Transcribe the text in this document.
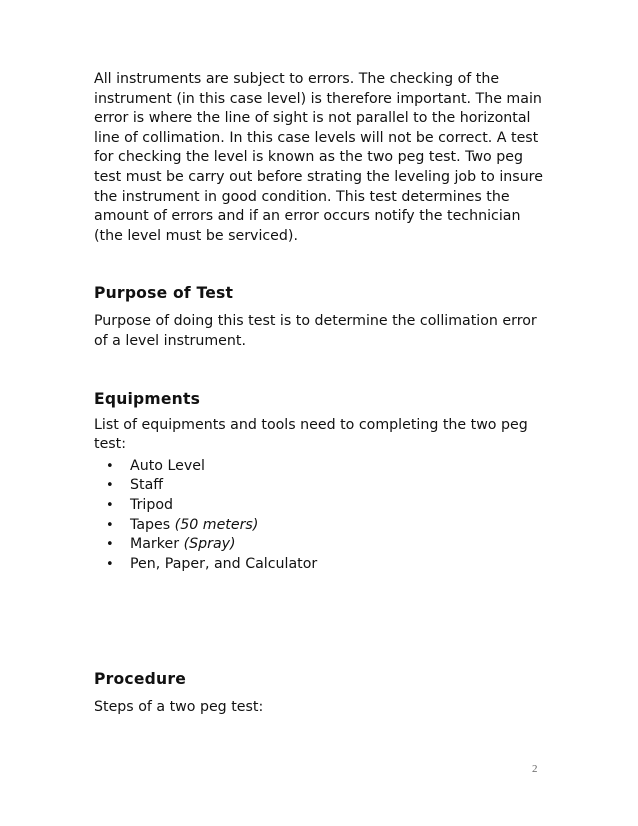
All instruments are subject to errors. The checking of the instrument (in this case level) is therefore important. The main error is where the line of sight is not parallel to the horizontal line of collimation. In this case levels will not be correct. A test for checking the level is known as the two peg test. Two peg test must be carry out before strating the leveling job to insure the instrument in good condition. This test determines the amount of errors and if an error occurs notify the technician (the level must be serviced).

Purpose of Test

Purpose of doing this test is to determine the collimation error of a level instrument.

Equipments

List of equipments and tools need to completing the two peg test:

•	Auto Level
•	Staff
•	Tripod
•	Tapes (50 meters)
•	Marker (Spray)
•	Pen, Paper, and Calculator
Procedure

Steps of a two peg test:

2
